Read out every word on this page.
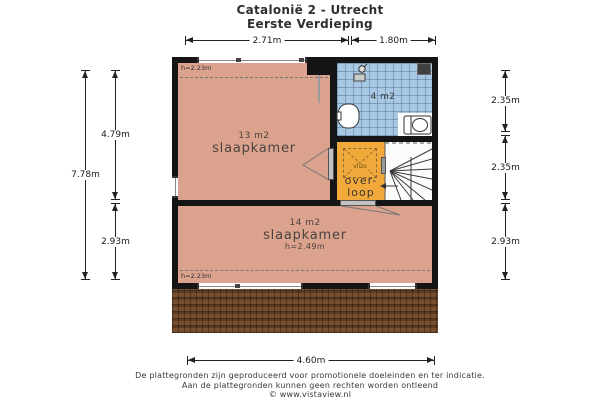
Catalonië 2 - Utrecht
Eerste Verdieping
2.71m	1.80m
7.78m
4.79m
2.93m
2.35m
2.35m
2.93m
4.60m
h=2.23m
h=2.23m
vlizo
13 m2
slaapkamer
4 m2
over-
loop
14 m2
slaapkamer
h=2.49m
De plattegronden zijn geproduceerd voor promotionele doeleinden en ter indicatie.
Aan de plattegronden kunnen geen rechten worden ontleend
© www.vistaview.nl
